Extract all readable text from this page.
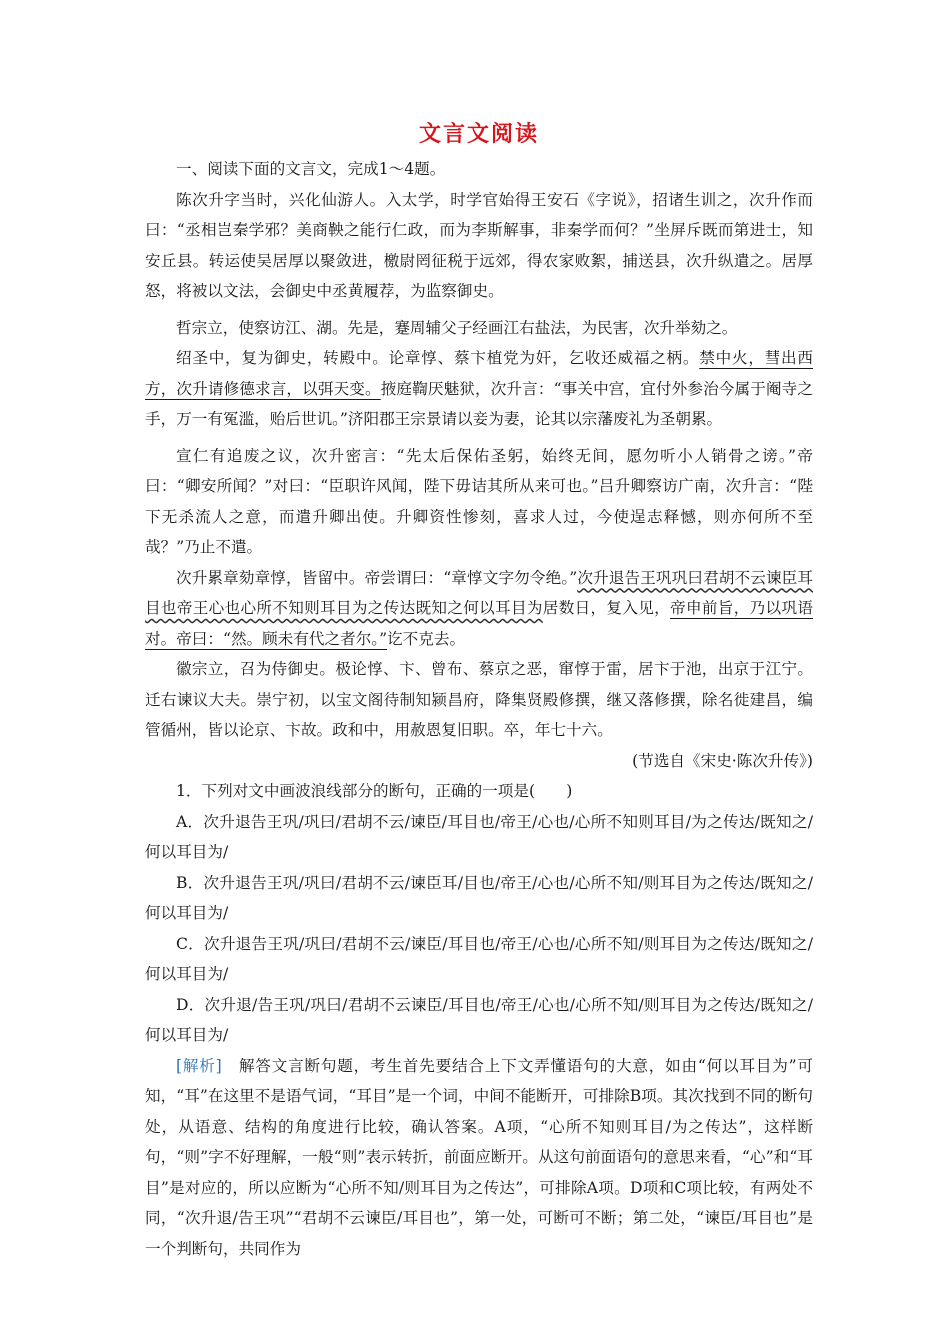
文言文阅读

一、阅读下面的文言文，完成1～4题。

陈次升字当时，兴化仙游人。入太学，时学官始得王安石《字说》，招诸生训之，次升作而曰：“丞相岂秦学邪？美商鞅之能行仁政，而为李斯解事，非秦学而何？”坐屏斥既而第进士，知安丘县。转运使吴居厚以聚敛进，檄尉罔征税于远郊，得农家败絮，捕送县，次升纵遣之。居厚怒，将被以文法，会御史中丞黄履荐，为监察御史。

哲宗立，使察访江、湖。先是，蹇周辅父子经画江右盐法，为民害，次升举劾之。

绍圣中，复为御史，转殿中。论章惇、蔡卞植党为奸，乞收还威福之柄。禁中火，彗出西方，次升请修德求言，以弭天变。掖庭鞫厌魅狱，次升言：“事关中宫，宜付外参治今属于阉寺之手，万一有冤滥，贻后世讥。”济阳郡王宗景请以妾为妻，论其以宗藩废礼为圣朝累。

宣仁有追废之议，次升密言：“先太后保佑圣躬，始终无间，愿勿听小人销骨之谤。”帝曰：“卿安所闻？”对曰：“臣职许风闻，陛下毋诘其所从来可也。”吕升卿察访广南，次升言：“陛下无杀流人之意，而遣升卿出使。升卿资性惨刻，喜求人过，今使逞志释憾，则亦何所不至哉？”乃止不遣。

次升累章劾章惇，皆留中。帝尝谓曰：“章惇文字勿令绝。”次升退告王巩巩曰君胡不云谏臣耳目也帝王心也心所不知则耳目为之传达既知之何以耳目为居数日，复入见，帝申前旨，乃以巩语对。帝曰：“然。顾未有代之者尔。”讫不克去。

徽宗立，召为侍御史。极论惇、卞、曾布、蔡京之恶，窜惇于雷，居卞于池，出京于江宁。迁右谏议大夫。崇宁初，以宝文阁待制知颍昌府，降集贤殿修撰，继又落修撰，除名徙建昌，编管循州，皆以论京、卞故。政和中，用赦恩复旧职。卒，年七十六。

(节选自《宋史·陈次升传》)

1．下列对文中画波浪线部分的断句，正确的一项是(　　)

A．次升退告王巩/巩曰/君胡不云/谏臣/耳目也/帝王/心也/心所不知则耳目/为之传达/既知之/何以耳目为/

B．次升退告王巩/巩曰/君胡不云/谏臣耳/目也/帝王/心也/心所不知/则耳目为之传达/既知之/何以耳目为/

C．次升退告王巩/巩曰/君胡不云/谏臣/耳目也/帝王/心也/心所不知/则耳目为之传达/既知之/何以耳目为/

D．次升退/告王巩/巩曰/君胡不云谏臣/耳目也/帝王/心也/心所不知/则耳目为之传达/既知之/何以耳目为/

[解析]　解答文言断句题，考生首先要结合上下文弄懂语句的大意，如由“何以耳目为”可知，“耳”在这里不是语气词，“耳目”是一个词，中间不能断开，可排除B项。其次找到不同的断句处，从语意、结构的角度进行比较，确认答案。A项，“心所不知则耳目/为之传达”，这样断句，“则”字不好理解，一般“则”表示转折，前面应断开。从这句前面语句的意思来看，“心”和“耳目”是对应的，所以应断为“心所不知/则耳目为之传达”，可排除A项。D项和C项比较，有两处不同，“次升退/告王巩”“君胡不云谏臣/耳目也”，第一处，可断可不断；第二处，“谏臣/耳目也”是一个判断句，共同作为
